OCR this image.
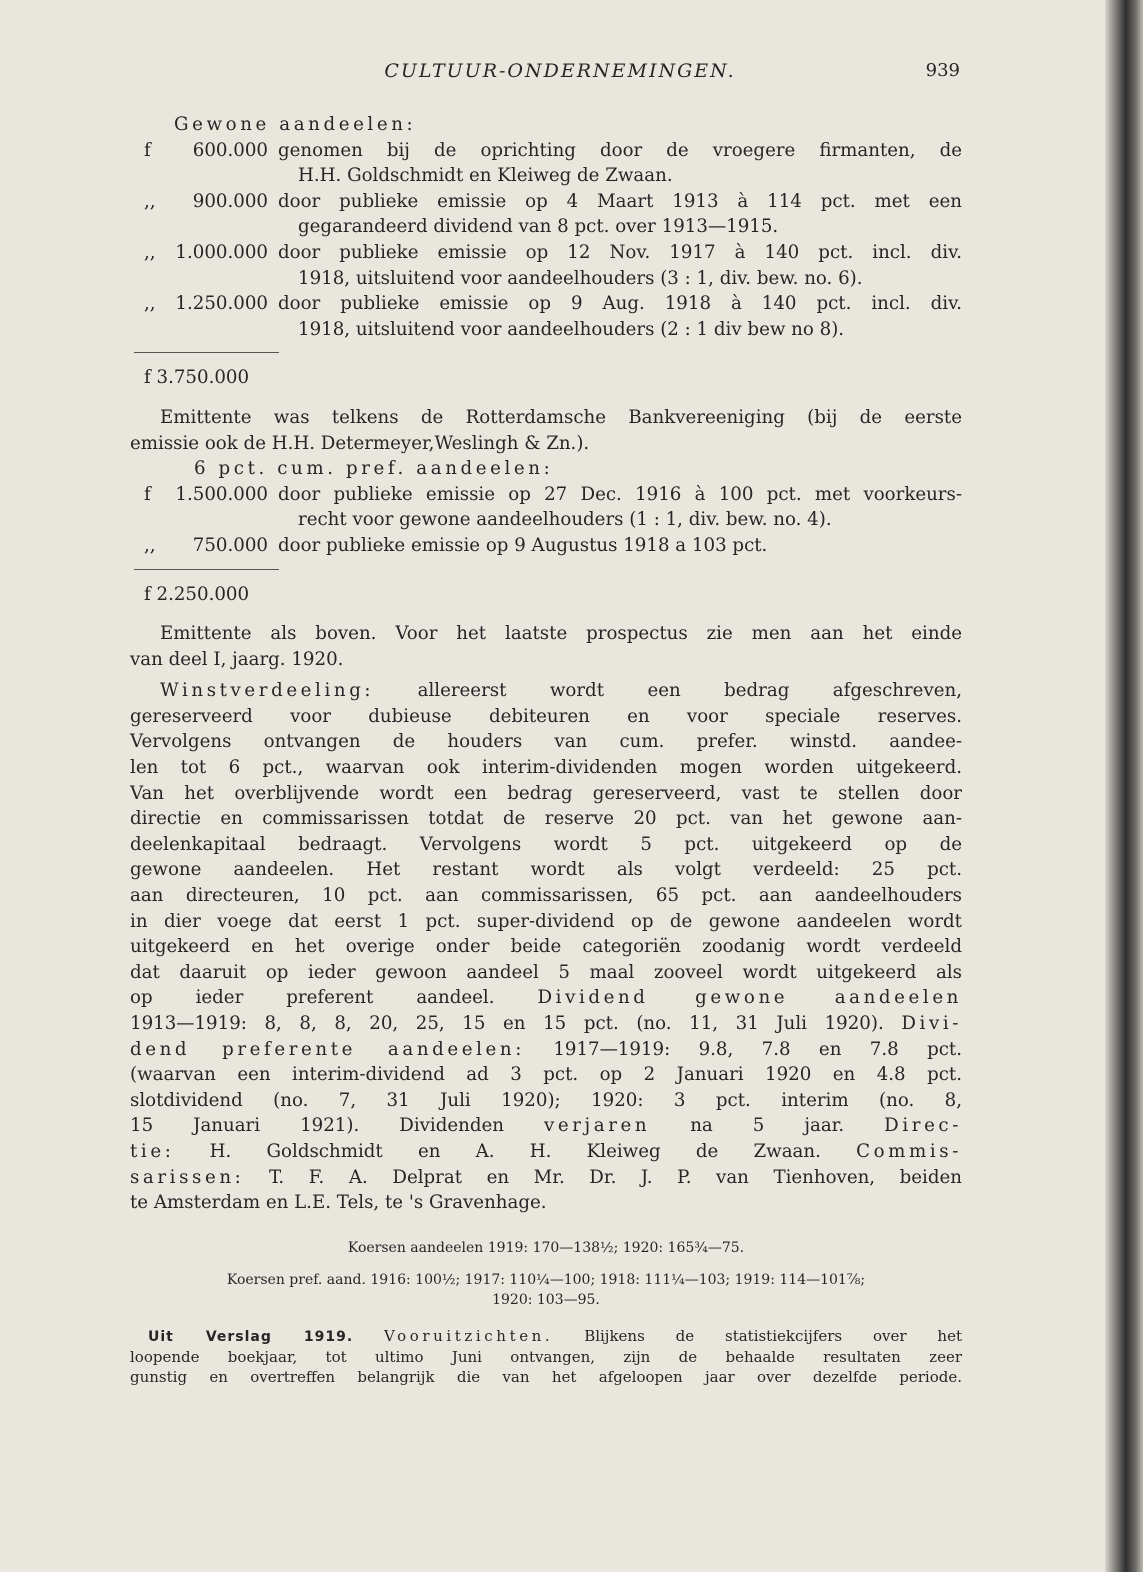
CULTUUR-ONDERNEMINGEN.	939
Gewone aandeelen:
f 600.000 genomen bij de oprichting door de vroegere firmanten, de
H.H. Goldschmidt en Kleiweg de Zwaan.
,, 900.000 door publieke emissie op 4 Maart 1913 à 114 pct. met een
gegarandeerd dividend van 8 pct. over 1913—1915.
,, 1.000.000 door publieke emissie op 12 Nov. 1917 à 140 pct. incl. div.
1918, uitsluitend voor aandeelhouders (3 : 1, div. bew. no. 6).
,, 1.250.000 door publieke emissie op 9 Aug. 1918 à 140 pct. incl. div.
1918, uitsluitend voor aandeelhouders (2 : 1 div bew no 8).
f 3.750.000
Emittente was telkens de Rotterdamsche Bankvereeniging (bij de eerste
emissie ook de H.H. Determeyer,Weslingh & Zn.).
6 pct. cum. pref. aandeelen:
f 1.500.000 door publieke emissie op 27 Dec. 1916 à 100 pct. met voorkeurs-
recht voor gewone aandeelhouders (1 : 1, div. bew. no. 4).
,, 750.000 door publieke emissie op 9 Augustus 1918 a 103 pct.
f 2.250.000
Emittente als boven. Voor het laatste prospectus zie men aan het einde
van deel I, jaarg. 1920.
Winstverdeeling: allereerst wordt een bedrag afgeschreven,
gereserveerd voor dubieuse debiteuren en voor speciale reserves.
Vervolgens ontvangen de houders van cum. prefer. winstd. aandee-
len tot 6 pct., waarvan ook interim-dividenden mogen worden uitgekeerd.
Van het overblijvende wordt een bedrag gereserveerd, vast te stellen door
directie en commissarissen totdat de reserve 20 pct. van het gewone aan-
deelenkapitaal bedraagt. Vervolgens wordt 5 pct. uitgekeerd op de
gewone aandeelen. Het restant wordt als volgt verdeeld: 25 pct.
aan directeuren, 10 pct. aan commissarissen, 65 pct. aan aandeelhouders
in dier voege dat eerst 1 pct. super-dividend op de gewone aandeelen wordt
uitgekeerd en het overige onder beide categoriën zoodanig wordt verdeeld
dat daaruit op ieder gewoon aandeel 5 maal zooveel wordt uitgekeerd als
op ieder preferent aandeel. Dividend gewone aandeelen
1913—1919: 8, 8, 8, 20, 25, 15 en 15 pct. (no. 11, 31 Juli 1920). Divi-
dend preferente aandeelen: 1917—1919: 9.8, 7.8 en 7.8 pct.
(waarvan een interim-dividend ad 3 pct. op 2 Januari 1920 en 4.8 pct.
slotdividend (no. 7, 31 Juli 1920); 1920: 3 pct. interim (no. 8,
15 Januari 1921). Dividenden verjaren na 5 jaar. Direc-
tie: H. Goldschmidt en A. H. Kleiweg de Zwaan. Commis-
sarissen: T. F. A. Delprat en Mr. Dr. J. P. van Tienhoven, beiden
te Amsterdam en L.E. Tels, te 's Gravenhage.
Koersen aandeelen 1919: 170—138½; 1920: 165¾—75.
Koersen pref. aand. 1916: 100½; 1917: 110¼—100; 1918: 111¼—103; 1919: 114—101⅞;
1920: 103—95.
Uit Verslag 1919. Vooruitzichten. Blijkens de statistiekcijfers over het
loopende boekjaar, tot ultimo Juni ontvangen, zijn de behaalde resultaten zeer
gunstig en overtreffen belangrijk die van het afgeloopen jaar over dezelfde periode.
